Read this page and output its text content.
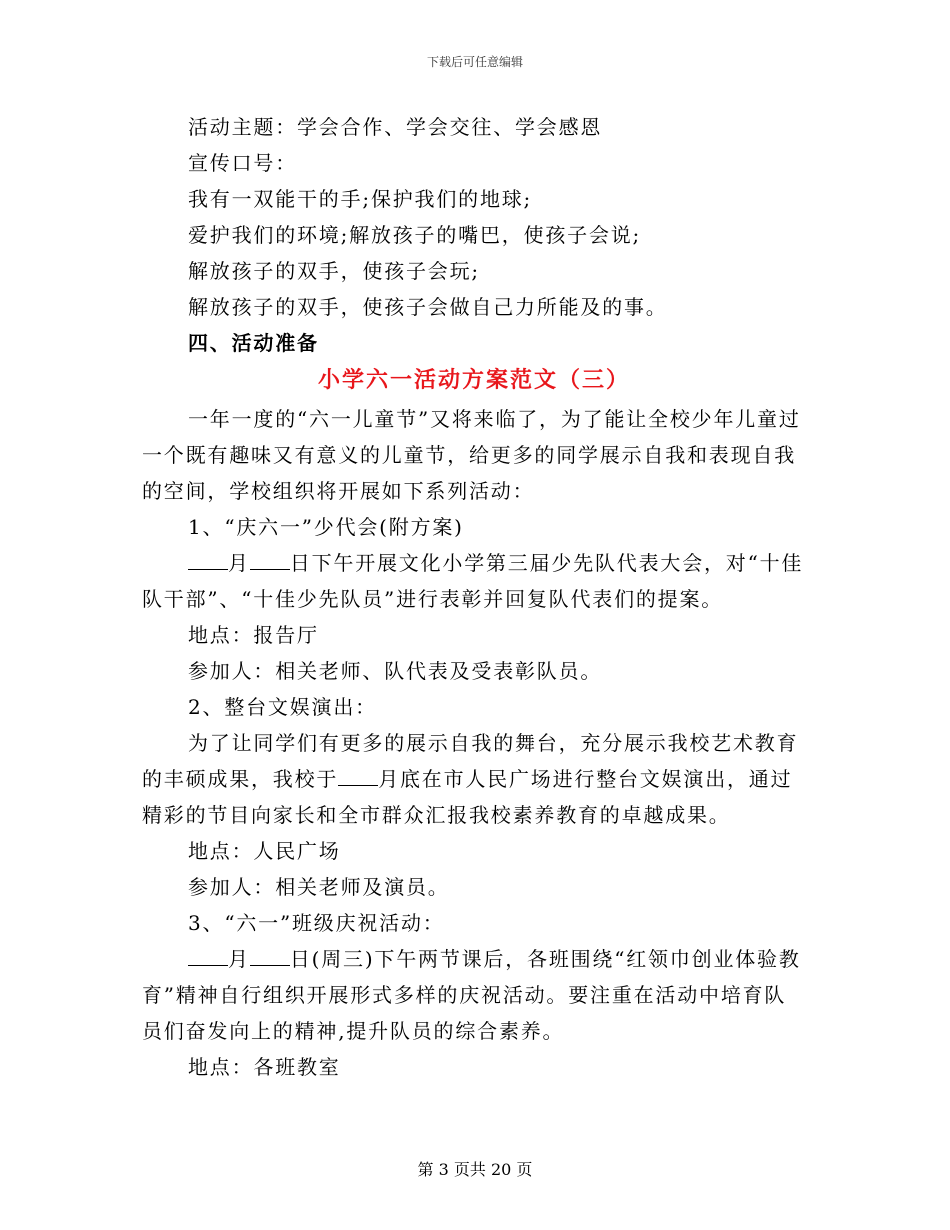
下载后可任意编辑

活动主题：学会合作、学会交往、学会感恩

宣传口号：

我有一双能干的手;保护我们的地球;

爱护我们的环境;解放孩子的嘴巴，使孩子会说;

解放孩子的双手，使孩子会玩;

解放孩子的双手，使孩子会做自己力所能及的事。

四、活动准备

小学六一活动方案范文（三）

一年一度的“六一儿童节”又将来临了，为了能让全校少年儿童过一个既有趣味又有意义的儿童节，给更多的同学展示自我和表现自我的空间，学校组织将开展如下系列活动：

1、“庆六一”少代会(附方案)

月 日下午开展文化小学第三届少先队代表大会，对“十佳队干部”、“十佳少先队员”进行表彰并回复队代表们的提案。

地点：报告厅

参加人：相关老师、队代表及受表彰队员。

2、整台文娱演出：

为了让同学们有更多的展示自我的舞台，充分展示我校艺术教育的丰硕成果，我校于 月底在市人民广场进行整台文娱演出，通过精彩的节目向家长和全市群众汇报我校素养教育的卓越成果。

地点：人民广场

参加人：相关老师及演员。

3、“六一”班级庆祝活动：

月 日(周三)下午两节课后，各班围绕“红领巾创业体验教育”精神自行组织开展形式多样的庆祝活动。要注重在活动中培育队员们奋发向上的精神,提升队员的综合素养。

地点：各班教室

第 3 页共 20 页
